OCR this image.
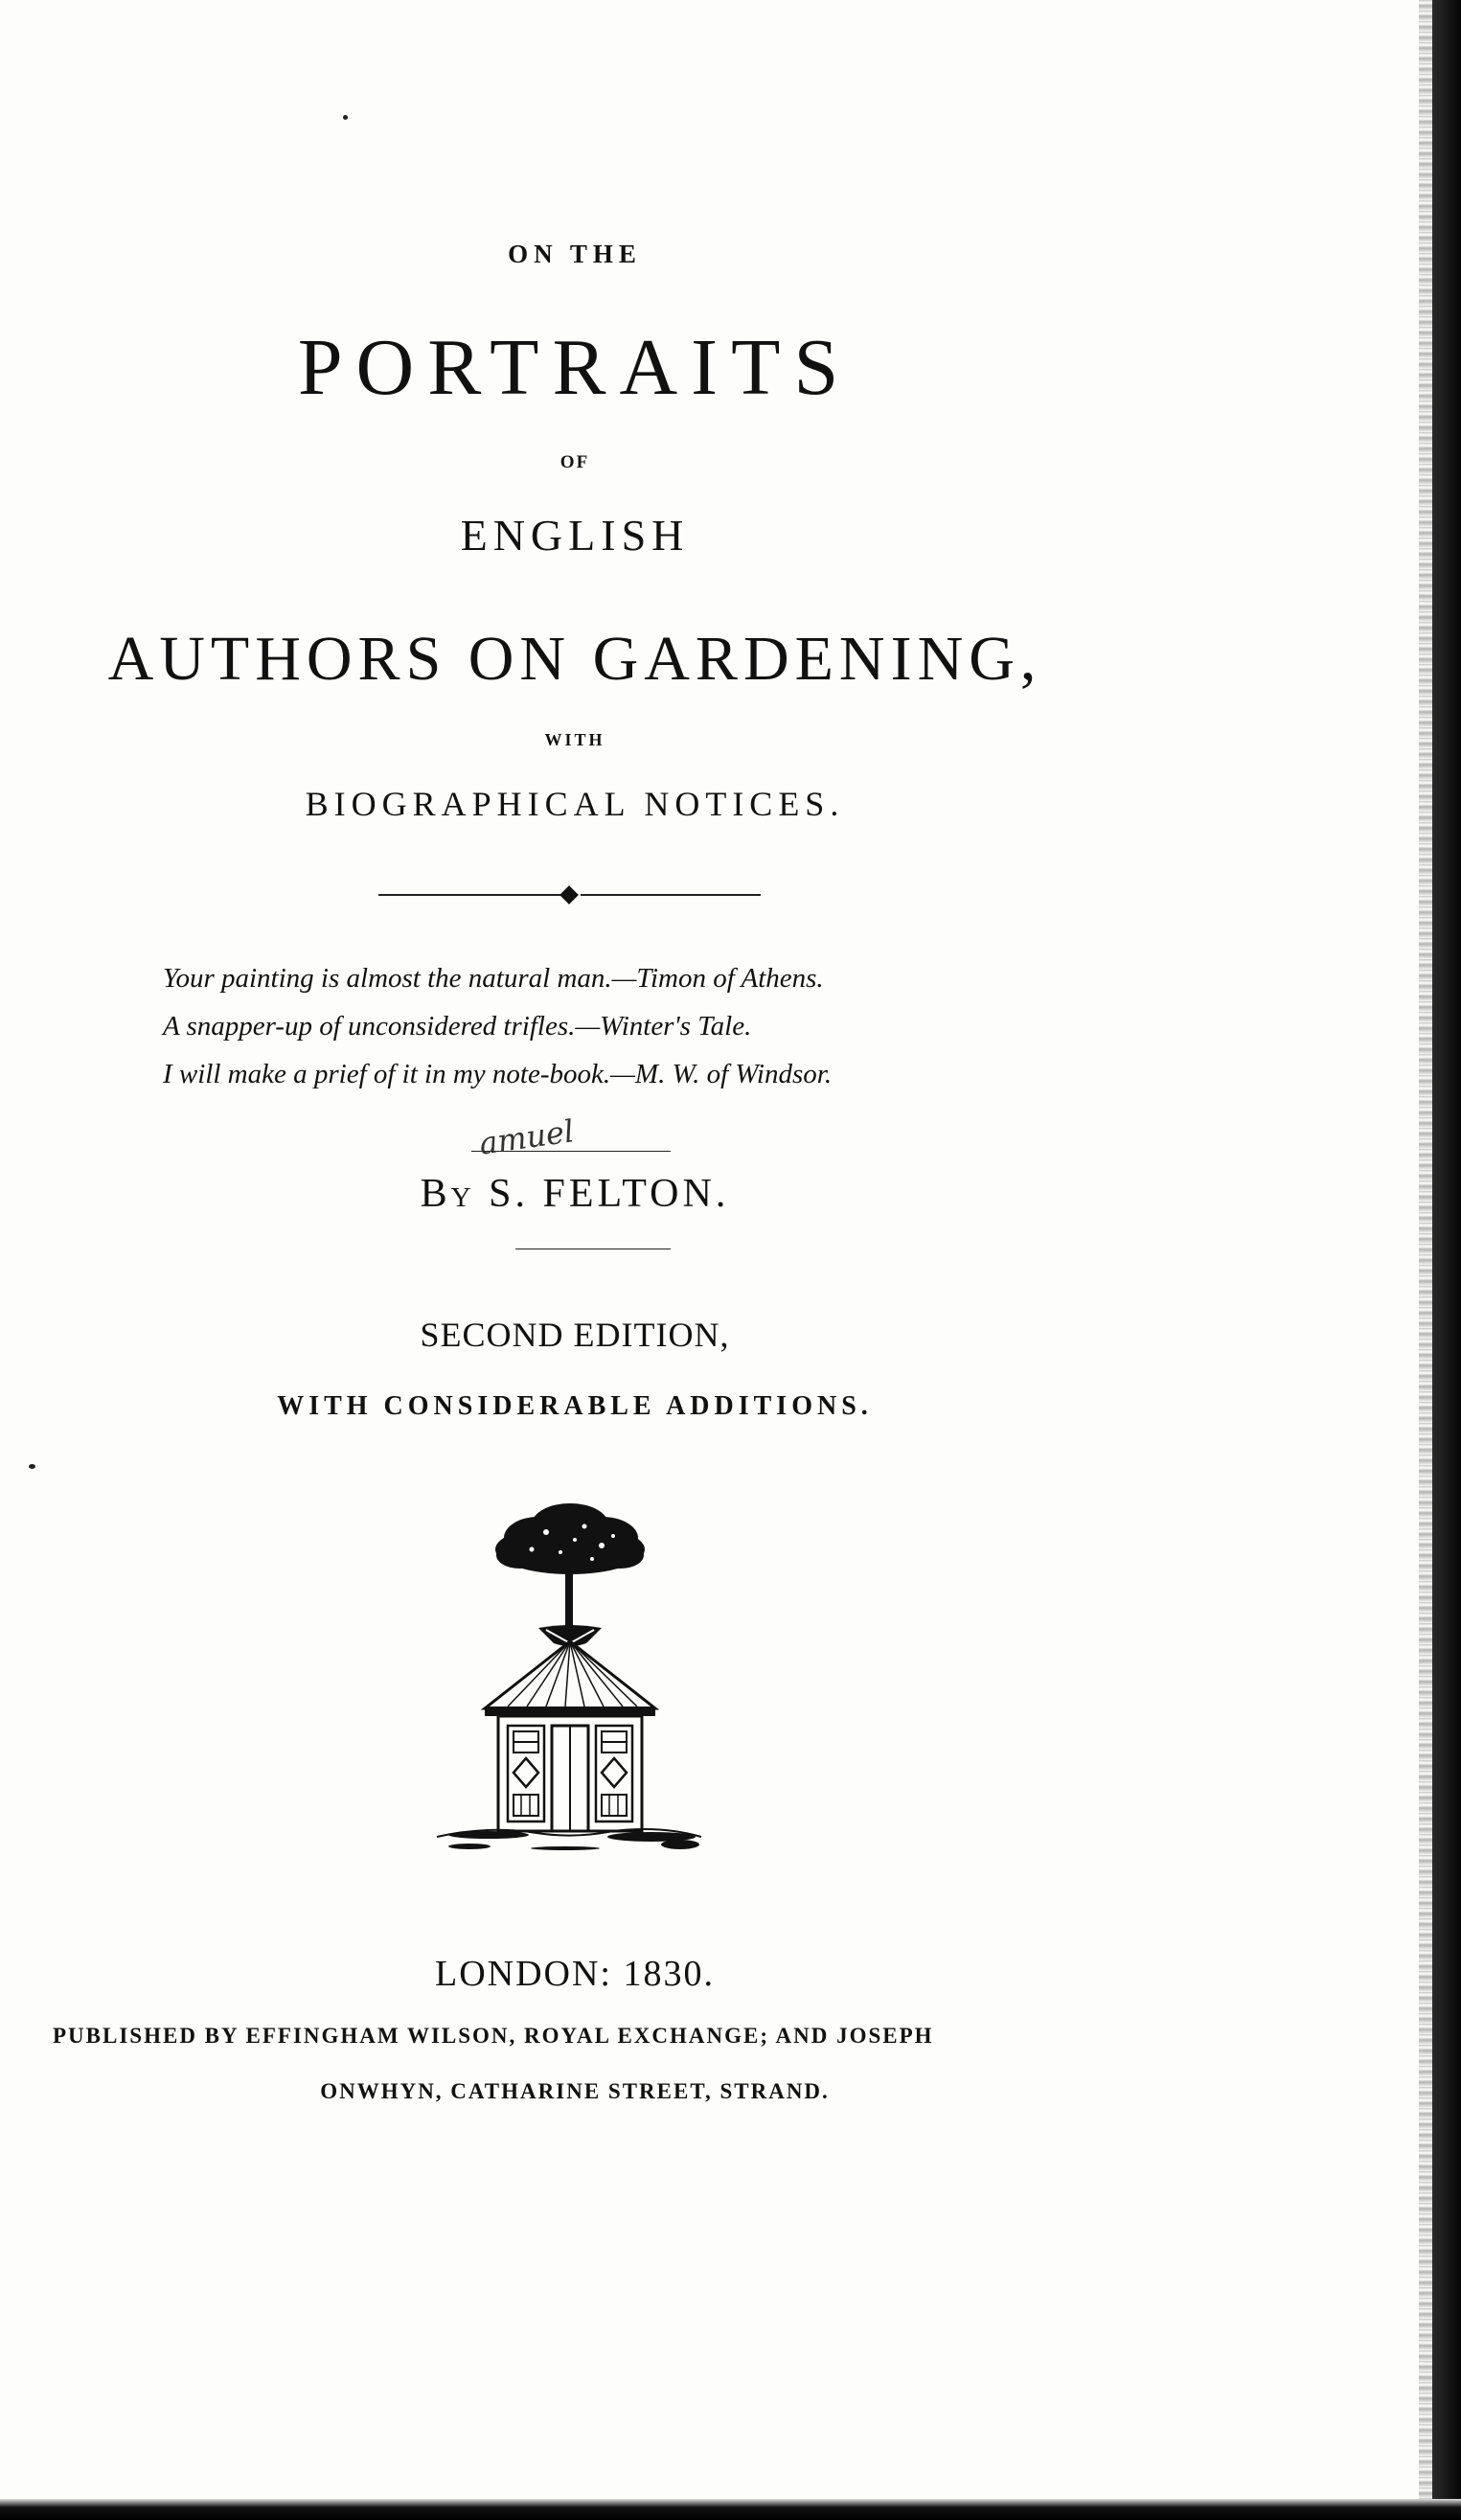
ON THE
PORTRAITS
OF
ENGLISH
AUTHORS ON GARDENING,
WITH
BIOGRAPHICAL NOTICES.
Your painting is almost the natural man.—Timon of Athens.
A snapper-up of unconsidered trifles.—Winter's Tale.
I will make a prief of it in my note-book.—M. W. of Windsor.
amuel
By S. FELTON.
SECOND EDITION,
WITH CONSIDERABLE ADDITIONS.
LONDON: 1830.
PUBLISHED BY EFFINGHAM WILSON, ROYAL EXCHANGE; AND JOSEPH
ONWHYN, CATHARINE STREET, STRAND.
